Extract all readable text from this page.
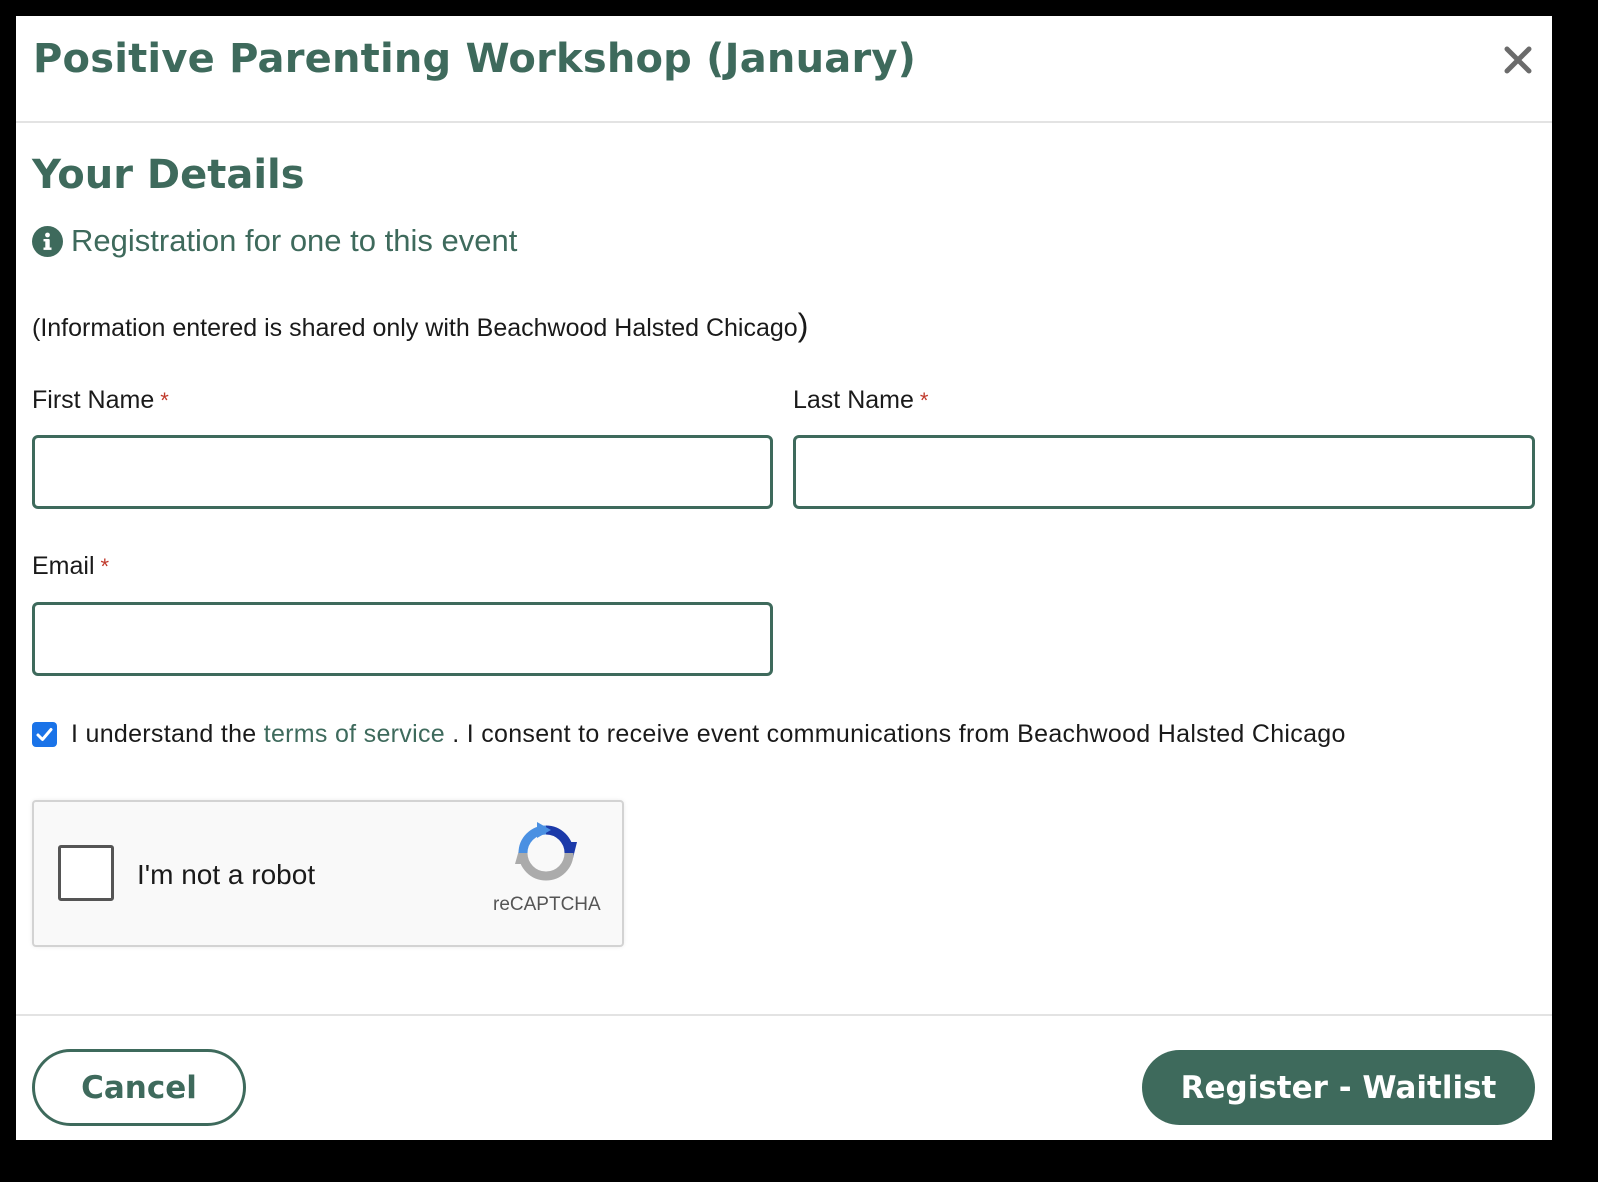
Positive Parenting Workshop (January)
Your Details
Registration for one to this event

(Information entered is shared only with Beachwood Halsted Chicago)

First Name *	Last Name *
Email *
I understand the terms of service . I consent to receive event communications from Beachwood Halsted Chicago
I'm not a robot
reCAPTCHA
Cancel	Register - Waitlist
